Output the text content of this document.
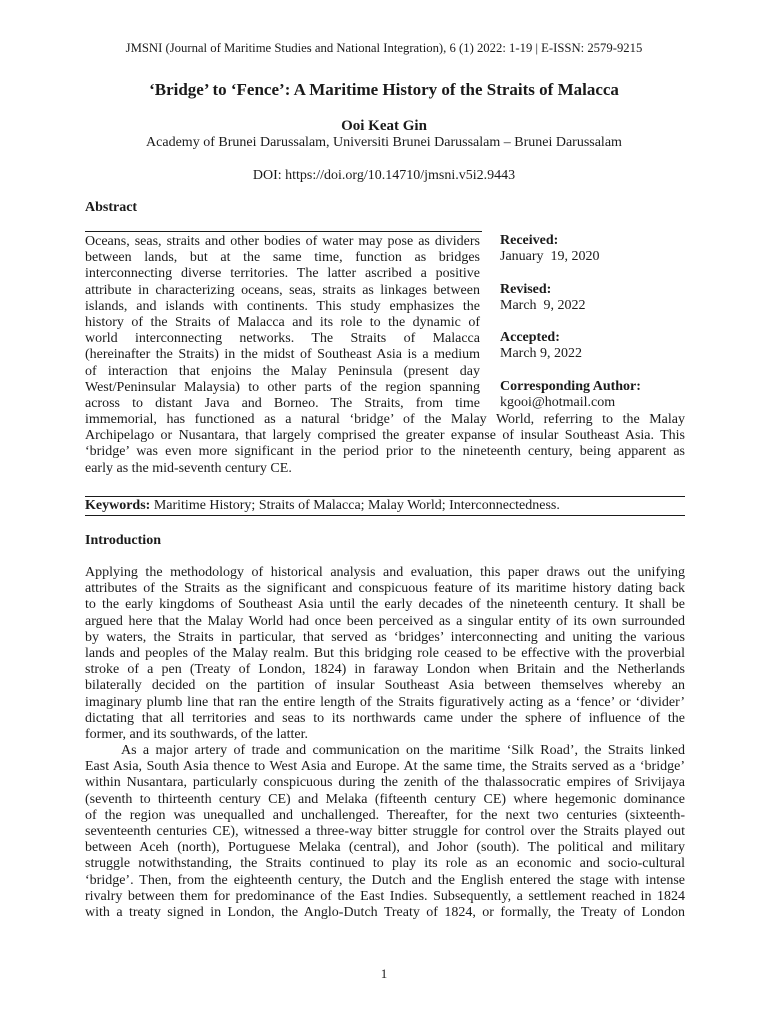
JMSNI (Journal of Maritime Studies and National Integration), 6 (1) 2022: 1-19 | E-ISSN: 2579-9215
‘Bridge’ to ‘Fence’: A Maritime History of the Straits of Malacca
Ooi Keat Gin
Academy of Brunei Darussalam, Universiti Brunei Darussalam – Brunei Darussalam
DOI: https://doi.org/10.14710/jmsni.v5i2.9443
Abstract
Oceans, seas, straits and other bodies of water may pose as dividers
between lands, but at the same time, function as bridges
interconnecting diverse territories. The latter ascribed a positive
attribute in characterizing oceans, seas, straits as linkages between
islands, and islands with continents. This study emphasizes the
history of the Straits of Malacca and its role to the dynamic of
world interconnecting networks. The Straits of Malacca
(hereinafter the Straits) in the midst of Southeast Asia is a medium
of interaction that enjoins the Malay Peninsula (present day
West/Peninsular Malaysia) to other parts of the region spanning
across to distant Java and Borneo. The Straits, from time
immemorial, has functioned as a natural ‘bridge’ of the Malay World, referring to the Malay
Archipelago or Nusantara, that largely comprised the greater expanse of insular Southeast Asia. This
‘bridge’ was even more significant in the period prior to the nineteenth century, being apparent as
early as the mid-seventh century CE.
Received:
January  19, 2020
Revised:
March  9, 2022
Accepted:
March 9, 2022
Corresponding Author:
kgooi@hotmail.com
Keywords: Maritime History; Straits of Malacca; Malay World; Interconnectedness.
Introduction
Applying the methodology of historical analysis and evaluation, this paper draws out the unifying
attributes of the Straits as the significant and conspicuous feature of its maritime history dating back
to the early kingdoms of Southeast Asia until the early decades of the nineteenth century. It shall be
argued here that the Malay World had once been perceived as a singular entity of its own surrounded
by waters, the Straits in particular, that served as ‘bridges’ interconnecting and uniting the various
lands and peoples of the Malay realm. But this bridging role ceased to be effective with the proverbial
stroke of a pen (Treaty of London, 1824) in faraway London when Britain and the Netherlands
bilaterally decided on the partition of insular Southeast Asia between themselves whereby an
imaginary plumb line that ran the entire length of the Straits figuratively acting as a ‘fence’ or ‘divider’
dictating that all territories and seas to its northwards came under the sphere of influence of the
former, and its southwards, of the latter.
As a major artery of trade and communication on the maritime ‘Silk Road’, the Straits linked
East Asia, South Asia thence to West Asia and Europe. At the same time, the Straits served as a ‘bridge’
within Nusantara, particularly conspicuous during the zenith of the thalassocratic empires of Srivijaya
(seventh to thirteenth century CE) and Melaka (fifteenth century CE) where hegemonic dominance
of the region was unequalled and unchallenged. Thereafter, for the next two centuries (sixteenth-
seventeenth centuries CE), witnessed a three-way bitter struggle for control over the Straits played out
between Aceh (north), Portuguese Melaka (central), and Johor (south). The political and military
struggle notwithstanding, the Straits continued to play its role as an economic and socio-cultural
‘bridge’. Then, from the eighteenth century, the Dutch and the English entered the stage with intense
rivalry between them for predominance of the East Indies. Subsequently, a settlement reached in 1824
with a treaty signed in London, the Anglo-Dutch Treaty of 1824, or formally, the Treaty of London
1
